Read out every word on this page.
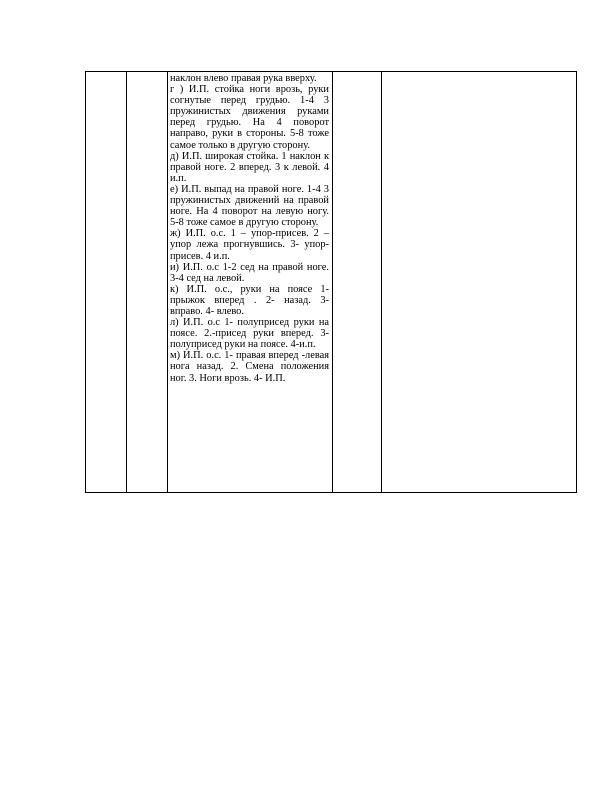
наклон влево правая рука вверху.

г ) И.П. стойка ноги врозь, руки согнутые перед грудью. 1-4 3 пружинистых движения руками перед грудью. На 4 поворот направо, руки в стороны. 5-8 тоже самое только в другую сторону.

д) И.П. широкая стойка. 1 наклон к правой ноге. 2 вперед. 3 к левой. 4 и.п.

е) И.П. выпад на правой ноге. 1-4 3 пружинистых движений на правой ноге. На 4 поворот на левую ногу. 5-8 тоже самое в другую сторону.

ж) И.П. о.с. 1 – упор-присев. 2 – упор лежа прогнувшись. 3- упор- присев. 4 и.п.

и) И.П. о.с 1-2 сед на правой ноге. 3-4 сед на левой.

к) И.П. о.с., руки на поясе 1- прыжок вперед . 2- назад. 3- вправо. 4- влево.

л) И.П. о.с 1- полуприсед руки на поясе. 2.-присед руки вперед. 3- полуприсед руки на поясе. 4-и.п.

м) И.П. о.с. 1- правая вперед -левая нога назад. 2. Смена положения ног. 3. Ноги врозь. 4- И.П.
